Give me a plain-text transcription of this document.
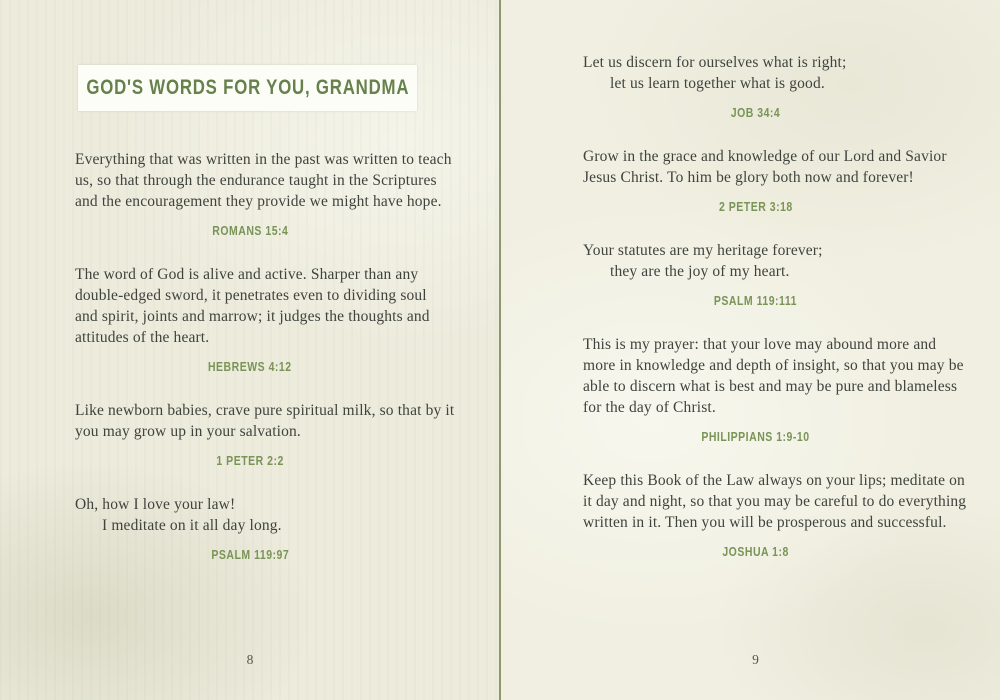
GOD'S WORDS FOR YOU, GRANDMA
Everything that was written in the past was written to teach
us, so that through the endurance taught in the Scriptures
and the encouragement they provide we might have hope.
ROMANS 15:4
The word of God is alive and active. Sharper than any
double-edged sword, it penetrates even to dividing soul
and spirit, joints and marrow; it judges the thoughts and
attitudes of the heart.
HEBREWS 4:12
Like newborn babies, crave pure spiritual milk, so that by it
you may grow up in your salvation.
1 PETER 2:2
Oh, how I love your law!
I meditate on it all day long.
PSALM 119:97
8
Let us discern for ourselves what is right;
let us learn together what is good.
JOB 34:4
Grow in the grace and knowledge of our Lord and Savior
Jesus Christ. To him be glory both now and forever!
2 PETER 3:18
Your statutes are my heritage forever;
they are the joy of my heart.
PSALM 119:111
This is my prayer: that your love may abound more and
more in knowledge and depth of insight, so that you may be
able to discern what is best and may be pure and blameless
for the day of Christ.
PHILIPPIANS 1:9-10
Keep this Book of the Law always on your lips; meditate on
it day and night, so that you may be careful to do everything
written in it. Then you will be prosperous and successful.
JOSHUA 1:8
9
